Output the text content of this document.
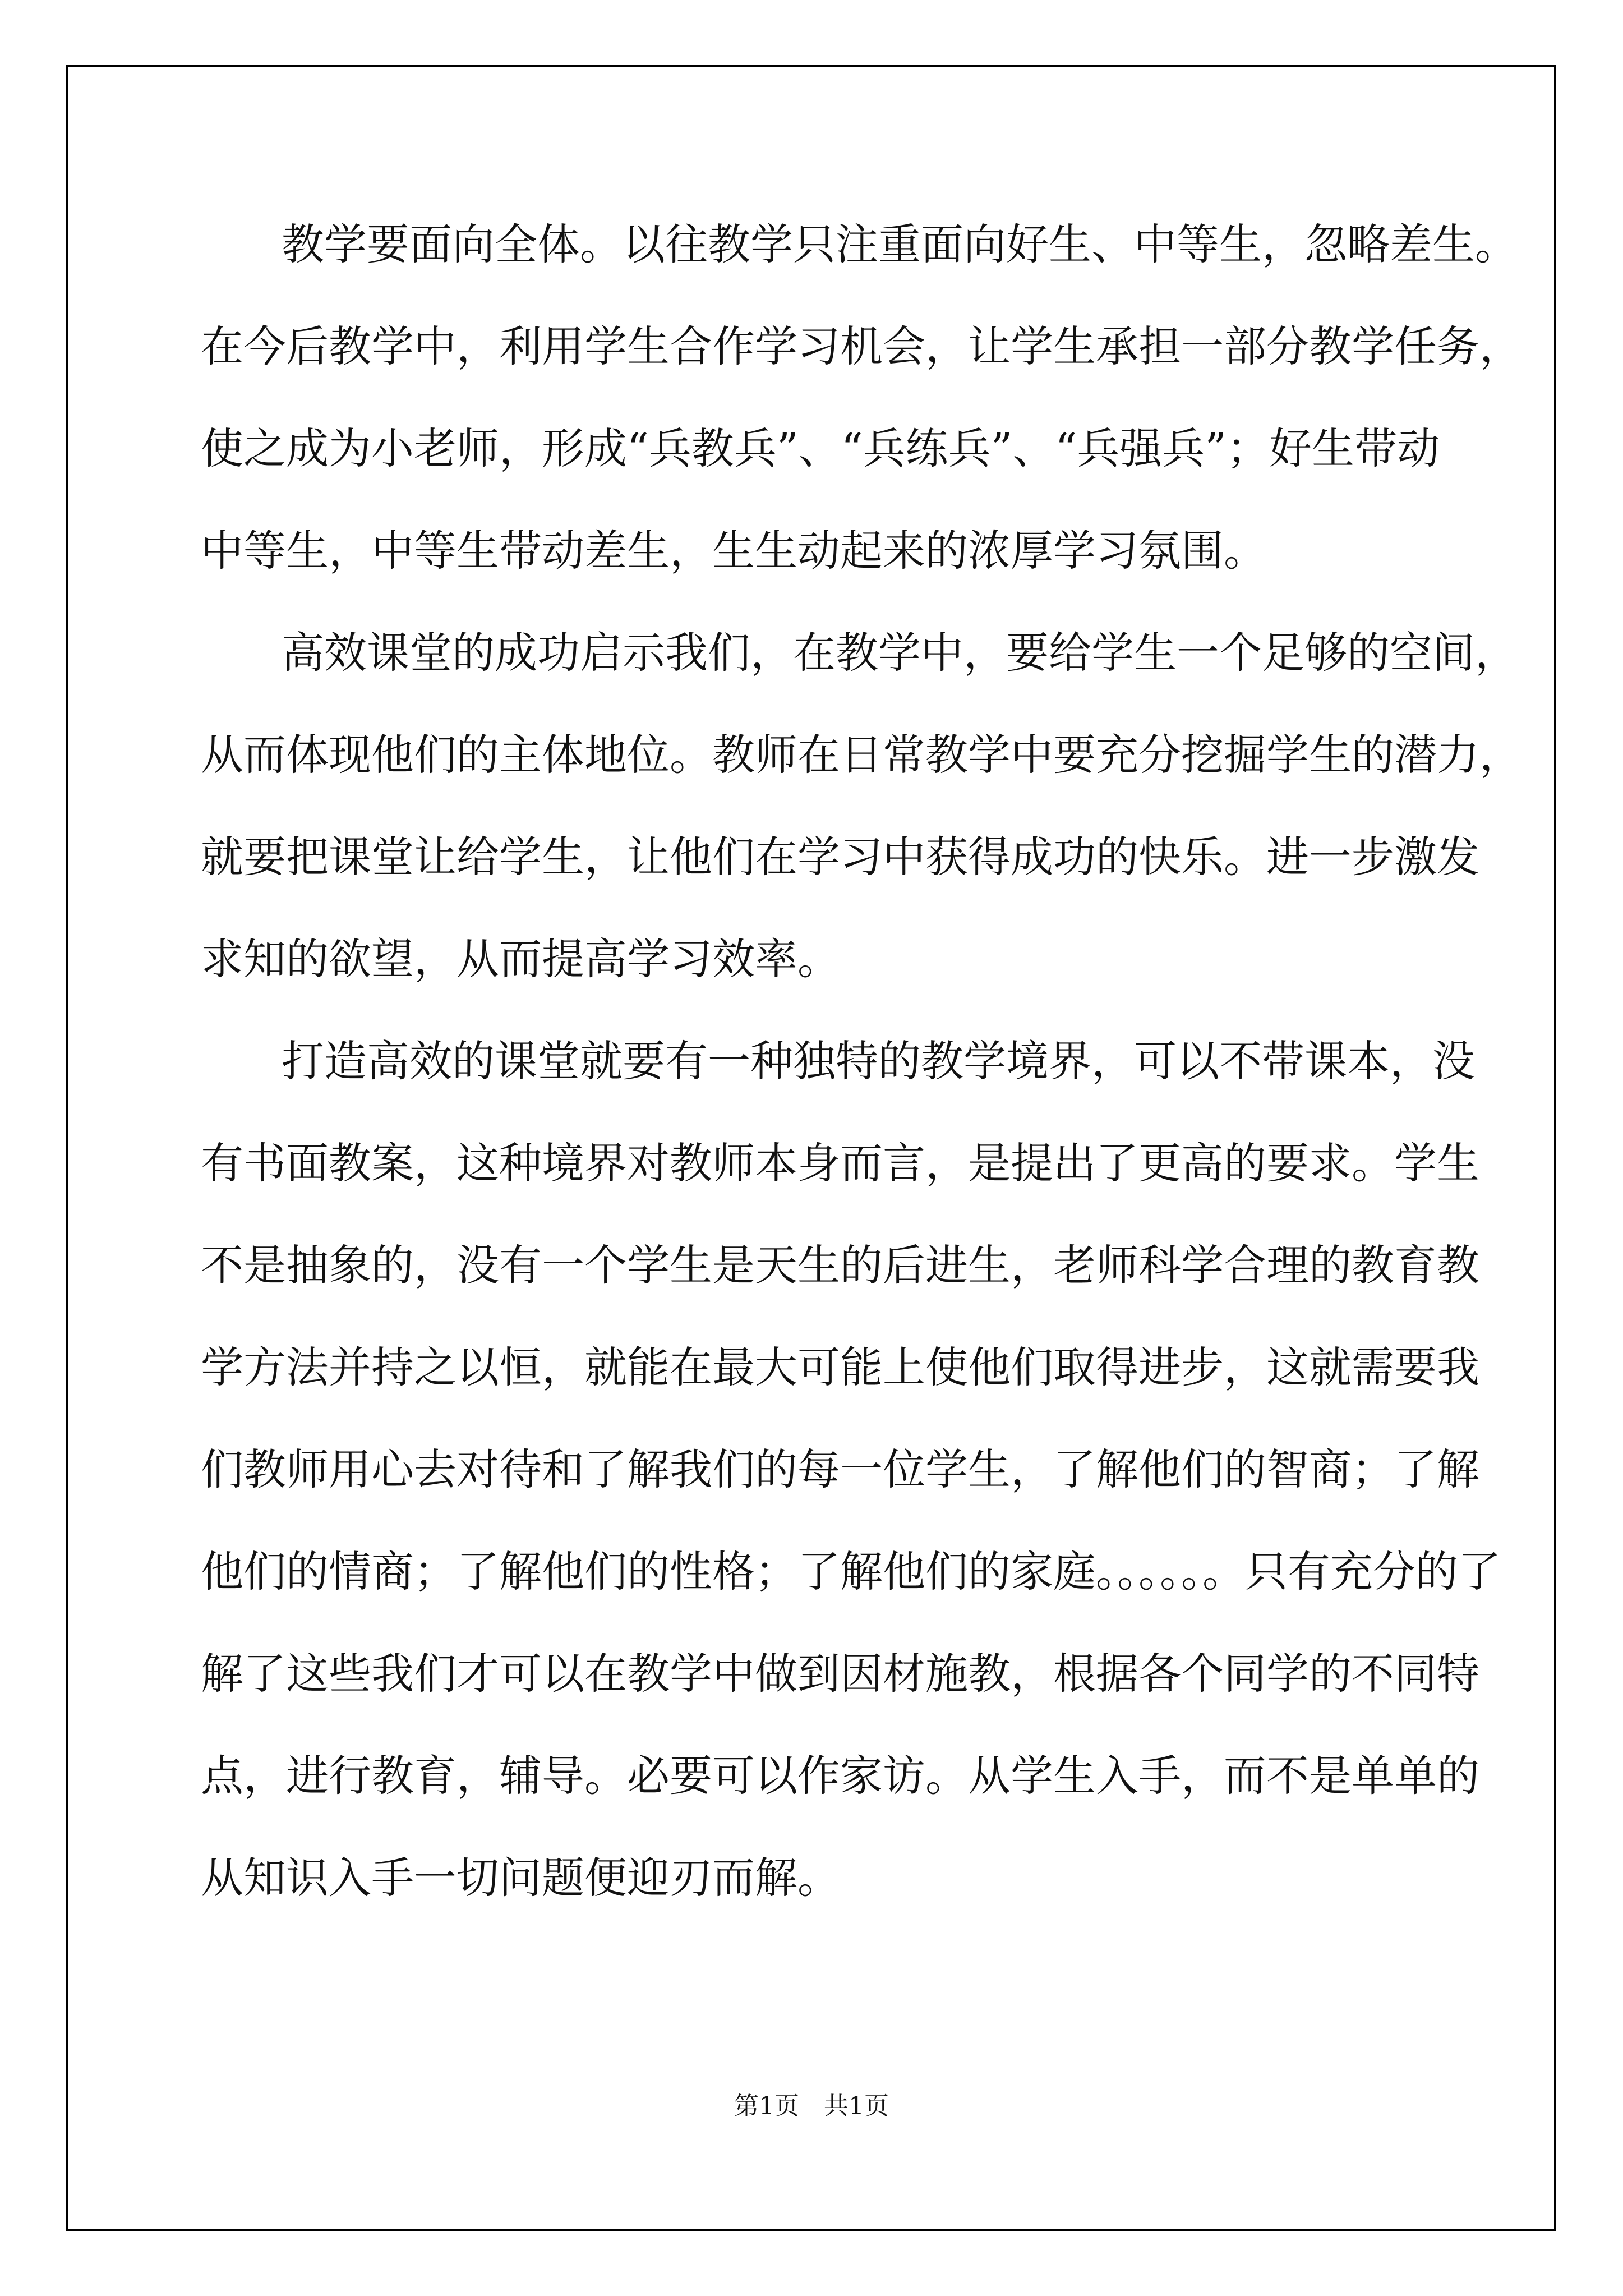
教学要面向全体。以往教学只注重面向好生、中等生，忽略差生。
在今后教学中，利用学生合作学习机会，让学生承担一部分教学任务，
使之成为小老师，形成“兵教兵”、“兵练兵”、“兵强兵”；好生带动
中等生，中等生带动差生，生生动起来的浓厚学习氛围。
高效课堂的成功启示我们，在教学中，要给学生一个足够的空间，
从而体现他们的主体地位。教师在日常教学中要充分挖掘学生的潜力，
就要把课堂让给学生，让他们在学习中获得成功的快乐。进一步激发
求知的欲望，从而提高学习效率。
打造高效的课堂就要有一种独特的教学境界，可以不带课本，没
有书面教案，这种境界对教师本身而言，是提出了更高的要求。学生
不是抽象的，没有一个学生是天生的后进生，老师科学合理的教育教
学方法并持之以恒，就能在最大可能上使他们取得进步，这就需要我
们教师用心去对待和了解我们的每一位学生，了解他们的智商；了解
他们的情商；了解他们的性格；了解他们的家庭。。。。。。只有充分的了
解了这些我们才可以在教学中做到因材施教，根据各个同学的不同特
点，进行教育，辅导。必要可以作家访。从学生入手，而不是单单的
从知识入手一切问题便迎刃而解。
第1页　共1页
